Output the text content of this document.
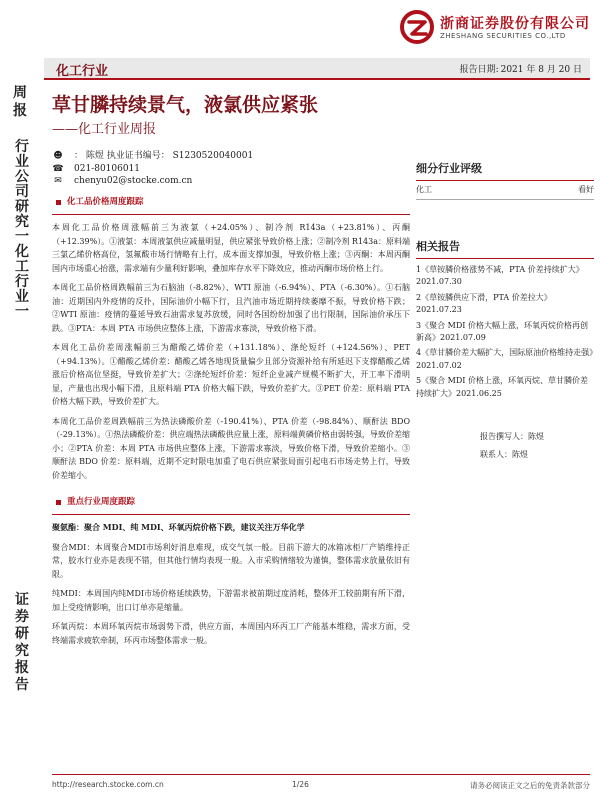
浙商证券股份有限公司
ZHESHANG SECURITIES CO.,LTD
化工行业	报告日期: 2021 年 8 月 20 日
周报
行业公司研究一化工行业一
证券研究报告
草甘膦持续景气，液氯供应紧张
——化工行业周报
☻ ： 陈煜 执业证书编号： S1230520040001
☎ 021-80106011
✉ chenyu02@stocke.com.cn
细分行业评级
化工	看好
相关报告
1《草铵膦价格涨势不减，PTA 价差持续扩大》2021.07.30
2《草铵膦供应下滑，PTA 价差拉大》2021.07.23
3《聚合 MDI 价格大幅上涨，环氧丙烷价格再创新高》2021.07.09
4《草甘膦价差大幅扩大，国际原油价格维持走强》2021.07.02
5《聚合 MDI 价格上涨，环氧丙烷、草甘膦价差持续扩大》2021.06.25
报告撰写人：陈煜
联系人：陈煜
化工品价格周度跟踪

本周化工品价格周涨幅前三为液氯（+24.05%）、制冷剂 R143a（+23.81%）、丙酮（+12.39%）。①液氯：本周液氯供应减量明显，供应紧张导致价格上涨；②制冷剂 R143a：原料端三氯乙烯价格高位，氢氟酸市场行情略有上行，成本面支撑加强，导致价格上涨；③丙酮：本周丙酮国内市场重心抬涨，需求端有少量利好影响，叠加库存水平下降效应，推动丙酮市场价格上行。

本周化工品价格周跌幅前三为石脑油（-8.82%）、WTI 原油（-6.94%）、PTA（-6.30%）。①石脑油：近期国内外疫情的反扑，国际油价小幅下行，且汽油市场近期持续萎靡不振，导致价格下跌；②WTI 原油：疫情的蔓延导致石油需求复苏放缓，同时各国纷纷加强了出行限制，国际油价承压下跌。③PTA：本周 PTA 市场供应整体上涨，下游需求寡淡，导致价格下滑。

本周化工品价差周涨幅前三为醋酸乙烯价差（+131.18%）、涤纶短纤（+124.56%）、PET（+94.13%）。①醋酸乙烯价差：醋酸乙烯各地现货量偏少且部分资源补给有所延迟下支撑醋酸乙烯涨后价格高位坚挺，导致价差扩大；②涤纶短纤价差：短纤企业减产规模不断扩大，开工率下滑明显，产量也出现小幅下滑，且原料端 PTA 价格大幅下跌，导致价差扩大。③PET 价差：原料端 PTA 价格大幅下跌，导致价差扩大。

本周化工品价差周跌幅前三为热法磷酸价差（-190.41%）、PTA 价差（-98.84%）、顺酐法 BDO（-29.13%）。①热法磷酸价差：供应端热法磷酸供应量上涨，原料端黄磷价格由弱转强，导致价差缩小；②PTA 价差：本周 PTA 市场供应整体上涨，下游需求寡淡，导致价格下滑，导致价差缩小。③顺酐法 BDO 价差：原料端，近期不定时限电加重了电石供应紧张局面引起电石市场走势上行，导致价差缩小。

重点行业周度跟踪

聚氨酯：聚合 MDI、纯 MDI、环氧丙烷价格下跌，建议关注万华化学

聚合MDI：本周聚合MDI市场利好消息难现，成交气氛一般。目前下游大的冰箱冰柜厂产销维持正常，胶水行业亦是表现不错，但其他行情均表现一般。入市采购情绪较为谨慎，整体需求放量依旧有限。

纯MDI：本周国内纯MDI市场价格延续跌势，下游需求被前期过度消耗，整体开工较前期有所下滑，加上受疫情影响，出口订单亦是缩量。

环氧丙烷：本周环氧丙烷市场弱势下滑，供应方面，本周国内环丙工厂产能基本维稳，需求方面，受终端需求疲软牵制，环丙市场整体需求一般。

http://research.stocke.com.cn	1/26	请务必阅读正文之后的免责条款部分
